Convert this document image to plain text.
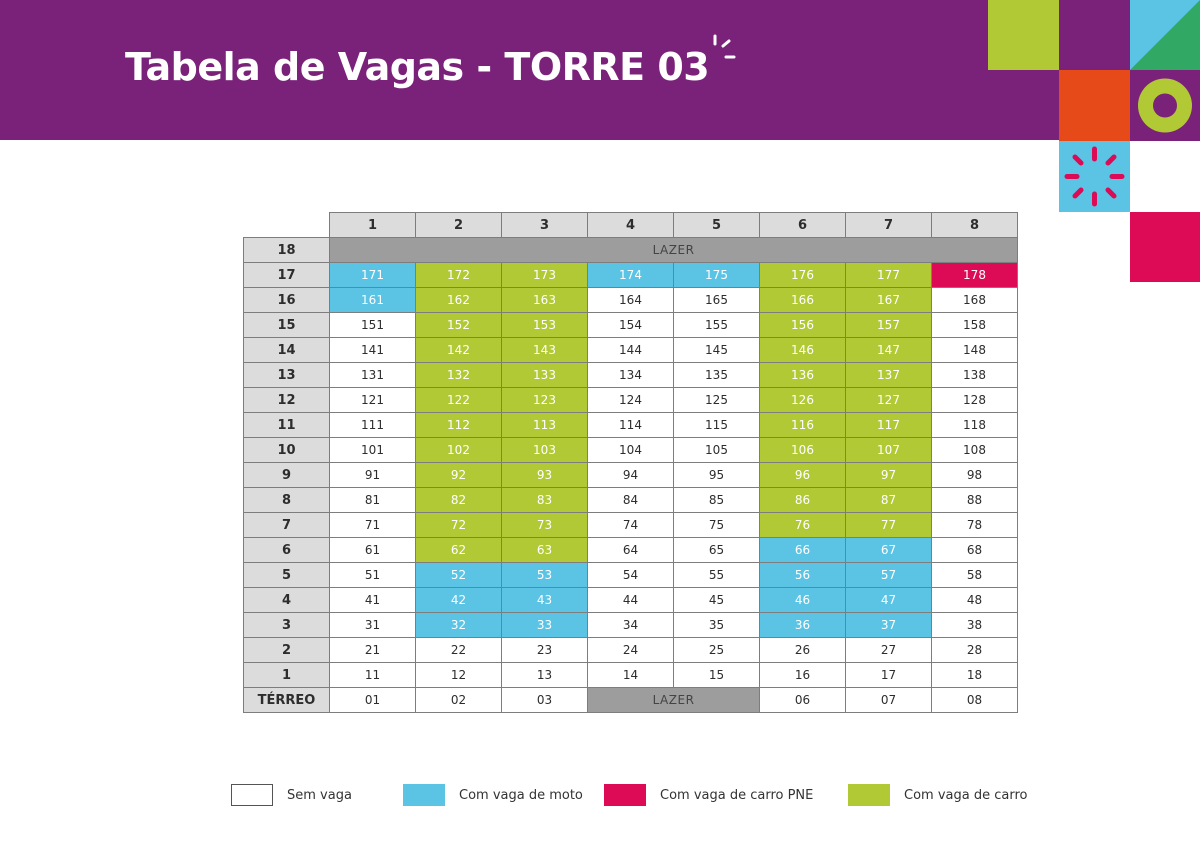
Tabela de Vagas - TORRE 03
	1	2	3	4	5	6	7	8
18	LAZER							
17	171	172	173	174	175	176	177	178
16	161	162	163	164	165	166	167	168
15	151	152	153	154	155	156	157	158
14	141	142	143	144	145	146	147	148
13	131	132	133	134	135	136	137	138
12	121	122	123	124	125	126	127	128
11	111	112	113	114	115	116	117	118
10	101	102	103	104	105	106	107	108
9	91	92	93	94	95	96	97	98
8	81	82	83	84	85	86	87	88
7	71	72	73	74	75	76	77	78
6	61	62	63	64	65	66	67	68
5	51	52	53	54	55	56	57	58
4	41	42	43	44	45	46	47	48
3	31	32	33	34	35	36	37	38
2	21	22	23	24	25	26	27	28
1	11	12	13	14	15	16	17	18
TÉRREO	01	02	03	LAZER		06	07	08
Sem vaga	Com vaga de moto	Com vaga de carro PNE	Com vaga de carro
